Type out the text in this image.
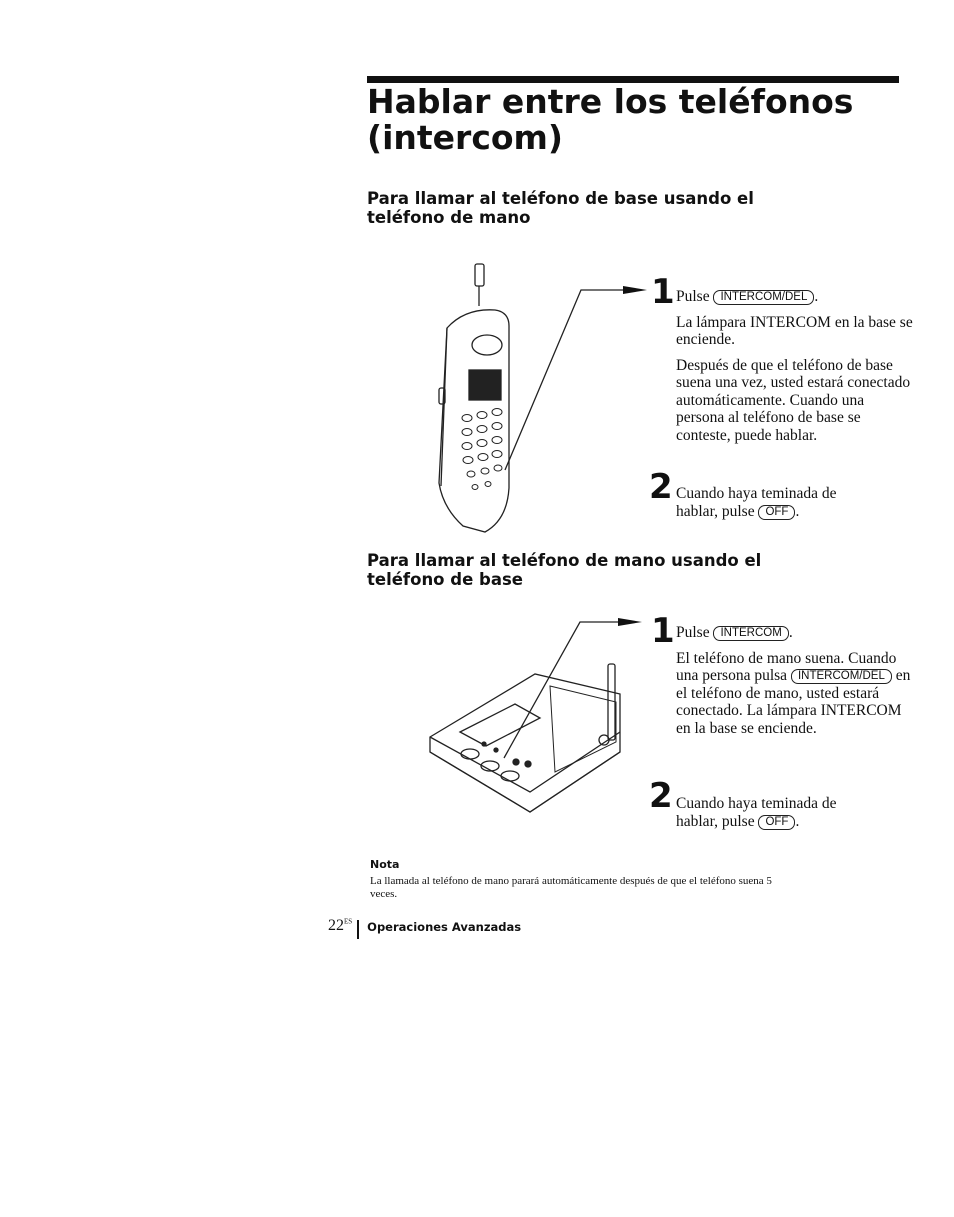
Hablar entre los teléfonos
(intercom)
Para llamar al teléfono de base usando el
teléfono de mano
1 Pulse INTERCOM/DEL .

La lámpara INTERCOM en la base se enciende.

Después de que el teléfono de base suena una vez, usted estará conectado automáticamente. Cuando una persona al teléfono de base se conteste, puede hablar.

2 Cuando haya teminada de hablar, pulse OFF .

Para llamar al teléfono de mano usando el
teléfono de base
1 Pulse INTERCOM .

El teléfono de mano suena. Cuando una persona pulsa INTERCOM/DEL en el teléfono de mano, usted estará conectado. La lámpara INTERCOM en la base se enciende.

2 Cuando haya teminada de hablar, pulse OFF .

Nota
La llamada al teléfono de mano parará automáticamente después de que el teléfono suena 5 veces.
$22^{ES}$ Operaciones Avanzadas
